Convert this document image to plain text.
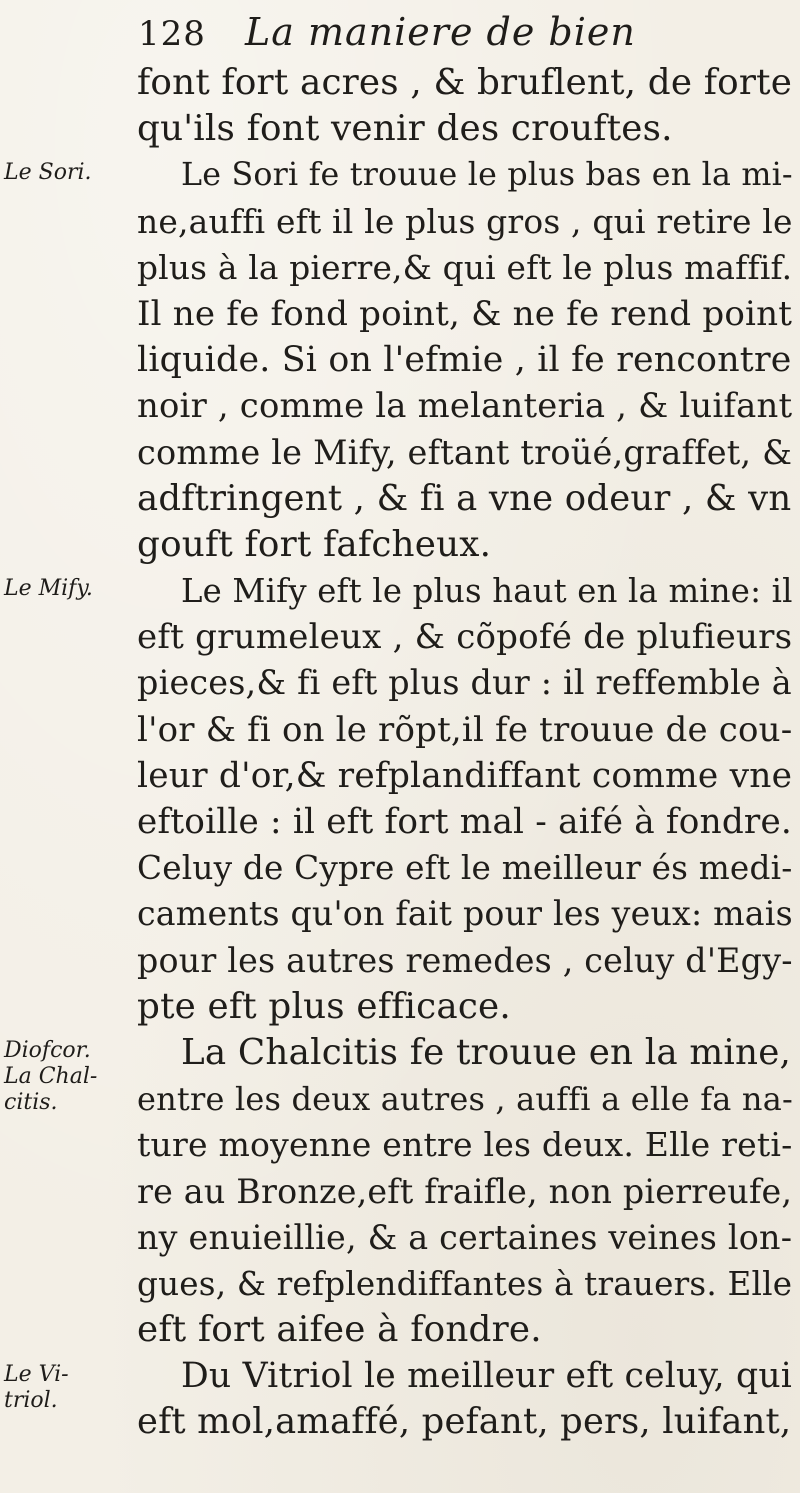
128 La maniere de bien
Le Sori.
Le Mify.
Diofcor.
La Chal-
citis.
Le Vi-
triol.
font fort acres , & bruflent, de forte
qu'ils font venir des crouftes.
Le Sori fe trouue le plus bas en la mi-
ne,auffi eft il le plus gros , qui retire le
plus à la pierre,& qui eft le plus maffif.
Il ne fe fond point, & ne fe rend point
liquide. Si on l'efmie , il fe rencontre
noir , comme la melanteria , & luifant
comme le Mify, eftant troüé,graffet, &
adftringent , & fi a vne odeur , & vn
gouft fort fafcheux.
Le Mify eft le plus haut en la mine: il
eft grumeleux , & cõpofé de plufieurs
pieces,& fi eft plus dur : il reffemble à
l'or & fi on le rõpt,il fe trouue de cou-
leur d'or,& refplandiffant comme vne
eftoille : il eft fort mal - aifé à fondre.
Celuy de Cypre eft le meilleur és medi-
caments qu'on fait pour les yeux: mais
pour les autres remedes , celuy d'Egy-
pte eft plus efficace.
La Chalcitis fe trouue en la mine,
entre les deux autres , auffi a elle fa na-
ture moyenne entre les deux. Elle reti-
re au Bronze,eft fraifle, non pierreufe,
ny enuieillie, & a certaines veines lon-
gues, & refplendiffantes à trauers. Elle
eft fort aifee à fondre.
Du Vitriol le meilleur eft celuy, qui
eft mol,amaffé, pefant, pers, luifant,
